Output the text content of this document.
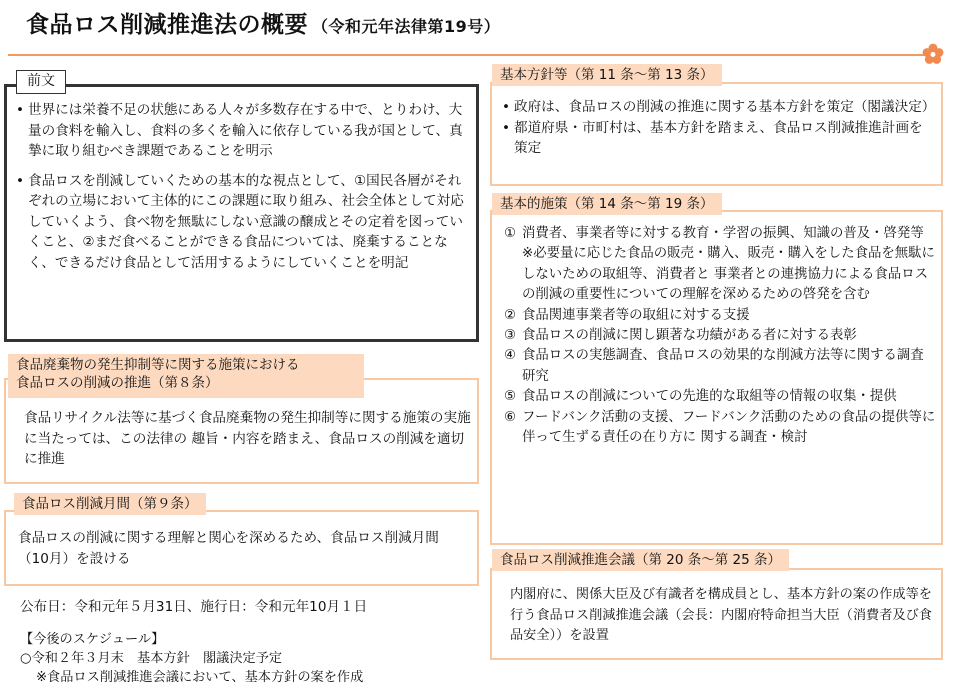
食品ロス削減推進法の概要 （令和元年法律第19号）
前文
• 世界には栄養不足の状態にある人々が多数存在する中で、とりわけ、大量の食料を輸入し、食料の多くを輸入に依存している我が国として、真摯に取り組むべき課題であることを明示
• 食品ロスを削減していくための基本的な視点として、①国民各層がそれぞれの立場において主体的にこの課題に取り組み、社会全体として対応していくよう、食べ物を無駄にしない意識の醸成とその定着を図っていくこと、②まだ食べることができる食品については、廃棄することなく、できるだけ食品として活用するようにしていくことを明記
食品廃棄物の発生抑制等に関する施策における
食品ロスの削減の推進（第８条）
食品リサイクル法等に基づく食品廃棄物の発生抑制等に関する施策の実施に当たっては、この法律の 趣旨・内容を踏まえ、食品ロスの削減を適切に推進
食品ロス削減月間（第９条）
食品ロスの削減に関する理解と関心を深めるため、食品ロス削減月間（10月）を設ける
公布日：令和元年５月31日、施行日：令和元年10月１日
【今後のスケジュール】
○令和２年３月末　基本方針　閣議決定予定
※食品ロス削減推進会議において、基本方針の案を作成
基本方針等（第 11 条～第 13 条）
• 政府は、食品ロスの削減の推進に関する基本方針を策定（閣議決定）
• 都道府県・市町村は、基本方針を踏まえ、食品ロス削減推進計画を策定
基本的施策（第 14 条～第 19 条）
① 消費者、事業者等に対する教育・学習の振興、知識の普及・啓発等
※必要量に応じた食品の販売・購入、販売・購入をした食品を無駄にしないための取組等、消費者と 事業者との連携協力による食品ロスの削減の重要性についての理解を深めるための啓発を含む
② 食品関連事業者等の取組に対する支援
③ 食品ロスの削減に関し顕著な功績がある者に対する表彰
④ 食品ロスの実態調査、食品ロスの効果的な削減方法等に関する調査研究
⑤ 食品ロスの削減についての先進的な取組等の情報の収集・提供
⑥ フードバンク活動の支援、フードバンク活動のための食品の提供等に伴って生ずる責任の在り方に 関する調査・検討
食品ロス削減推進会議（第 20 条～第 25 条）
内閣府に、関係大臣及び有識者を構成員とし、基本方針の案の作成等を行う食品ロス削減推進会議（会長：内閣府特命担当大臣（消費者及び食品安全））を設置
